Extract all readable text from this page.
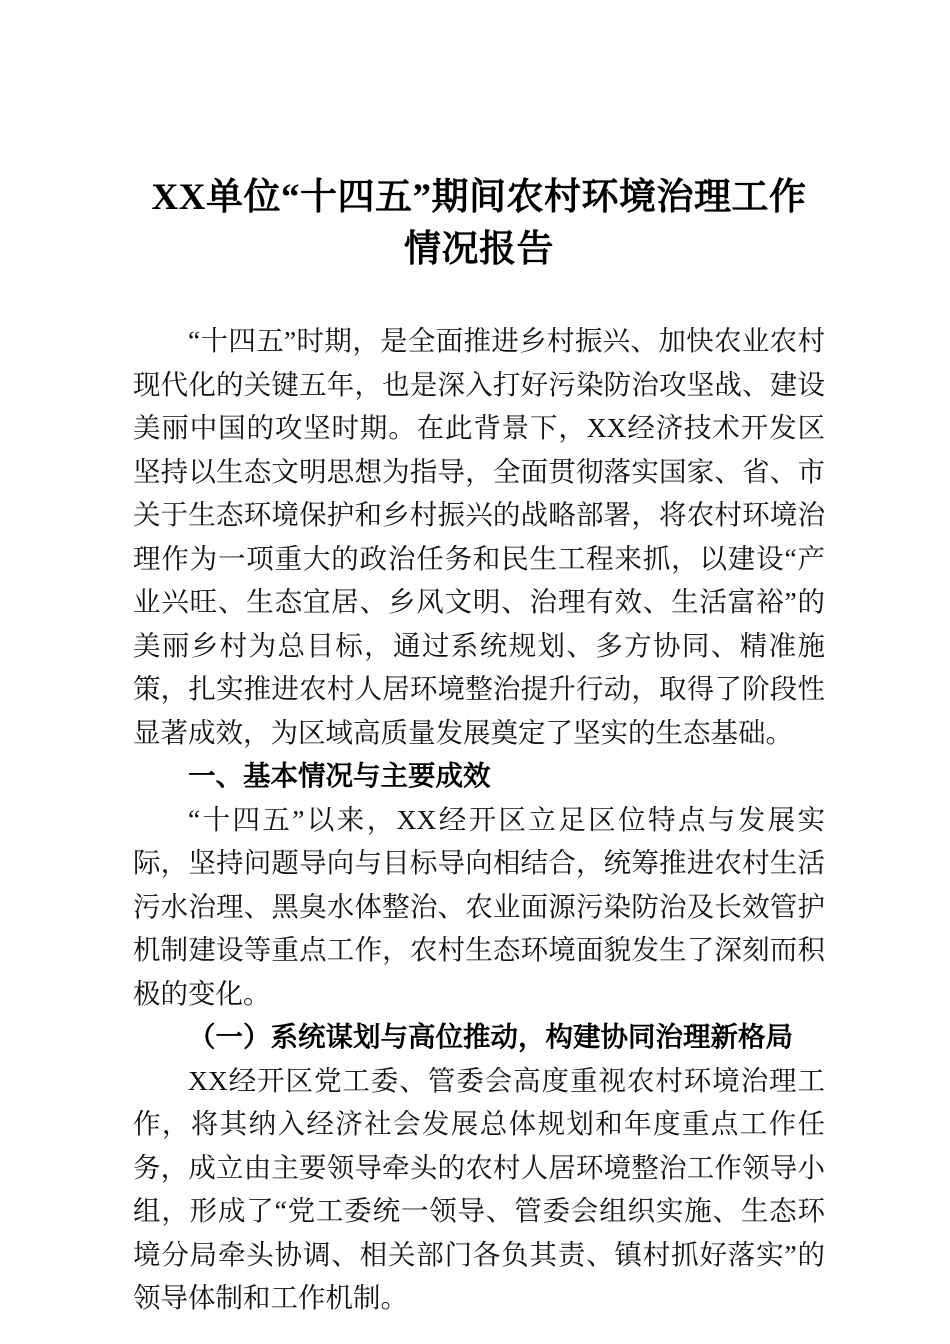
XX单位“十四五”期间农村环境治理工作情况报告

“十四五”时期，是全面推进乡村振兴、加快农业农村现代化的关键五年，也是深入打好污染防治攻坚战、建设美丽中国的攻坚时期。在此背景下，XX经济技术开发区坚持以生态文明思想为指导，全面贯彻落实国家、省、市关于生态环境保护和乡村振兴的战略部署，将农村环境治理作为一项重大的政治任务和民生工程来抓，以建设“产业兴旺、生态宜居、乡风文明、治理有效、生活富裕”的美丽乡村为总目标，通过系统规划、多方协同、精准施策，扎实推进农村人居环境整治提升行动，取得了阶段性显著成效，为区域高质量发展奠定了坚实的生态基础。

一、基本情况与主要成效

“十四五”以来，XX经开区立足区位特点与发展实际，坚持问题导向与目标导向相结合，统筹推进农村生活污水治理、黑臭水体整治、农业面源污染防治及长效管护机制建设等重点工作，农村生态环境面貌发生了深刻而积极的变化。

（一）系统谋划与高位推动，构建协同治理新格局

XX经开区党工委、管委会高度重视农村环境治理工作，将其纳入经济社会发展总体规划和年度重点工作任务，成立由主要领导牵头的农村人居环境整治工作领导小组，形成了“党工委统一领导、管委会组织实施、生态环境分局牵头协调、相关部门各负其责、镇村抓好落实”的领导体制和工作机制。
